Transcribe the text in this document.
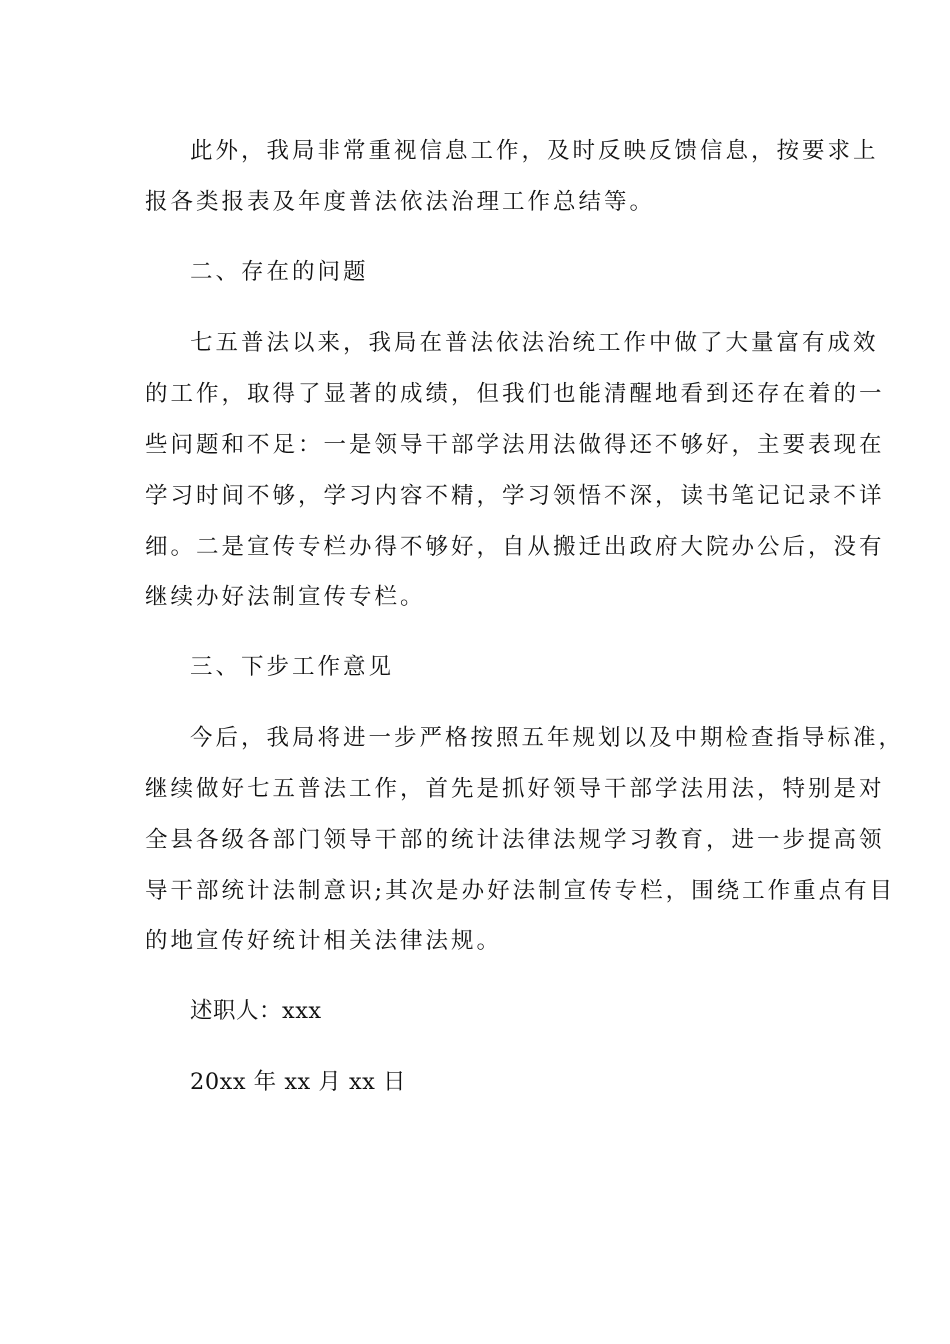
此外，我局非常重视信息工作，及时反映反馈信息，按要求上
报各类报表及年度普法依法治理工作总结等。
二、存在的问题
七五普法以来，我局在普法依法治统工作中做了大量富有成效
的工作，取得了显著的成绩，但我们也能清醒地看到还存在着的一
些问题和不足：一是领导干部学法用法做得还不够好，主要表现在
学习时间不够，学习内容不精，学习领悟不深，读书笔记记录不详
细。二是宣传专栏办得不够好，自从搬迁出政府大院办公后，没有
继续办好法制宣传专栏。
三、下步工作意见
今后，我局将进一步严格按照五年规划以及中期检查指导标准，
继续做好七五普法工作，首先是抓好领导干部学法用法，特别是对
全县各级各部门领导干部的统计法律法规学习教育，进一步提高领
导干部统计法制意识;其次是办好法制宣传专栏，围绕工作重点有目
的地宣传好统计相关法律法规。
述职人：xxx
20xx 年 xx 月 xx 日
